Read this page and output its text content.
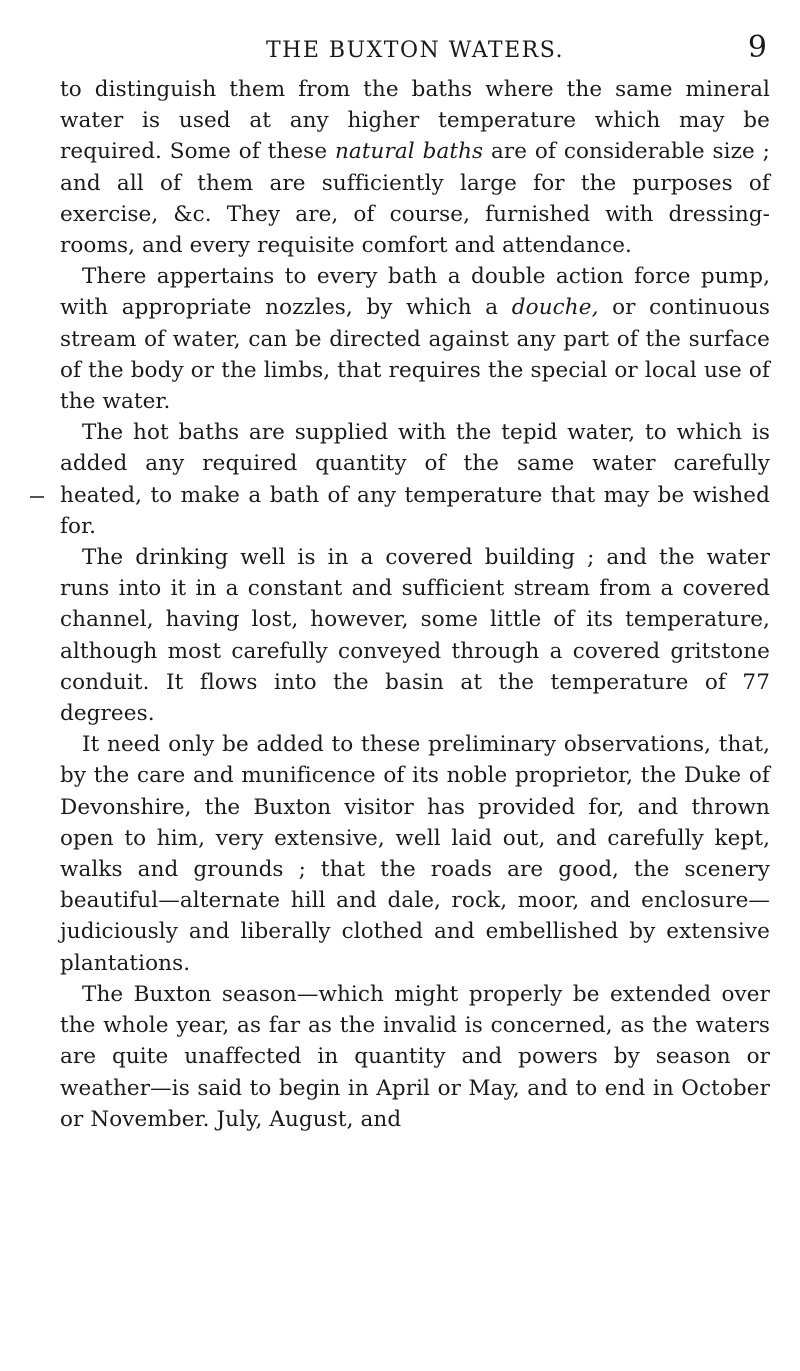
THE BUXTON WATERS.	9

to distinguish them from the baths where the same mineral water is used at any higher temperature which may be required. Some of these natural baths are of considerable size ; and all of them are sufficiently large for the purposes of exercise, &c. They are, of course, furnished with dressing-rooms, and every requisite comfort and attendance.

There appertains to every bath a double action force pump, with appropriate nozzles, by which a douche, or continuous stream of water, can be directed against any part of the surface of the body or the limbs, that requires the special or local use of the water.

The hot baths are supplied with the tepid water, to which is added any required quantity of the same water carefully heated, to make a bath of any temperature that may be wished for.

The drinking well is in a covered building ; and the water runs into it in a constant and sufficient stream from a covered channel, having lost, however, some little of its temperature, although most carefully conveyed through a covered gritstone conduit. It flows into the basin at the temperature of 77 degrees.

It need only be added to these preliminary observations, that, by the care and munificence of its noble proprietor, the Duke of Devonshire, the Buxton visitor has provided for, and thrown open to him, very extensive, well laid out, and carefully kept, walks and grounds ; that the roads are good, the scenery beautiful—alternate hill and dale, rock, moor, and enclosure—judiciously and liberally clothed and embellished by extensive plantations.

The Buxton season—which might properly be extended over the whole year, as far as the invalid is concerned, as the waters are quite unaffected in quantity and powers by season or weather—is said to begin in April or May, and to end in October or November. July, August, and
